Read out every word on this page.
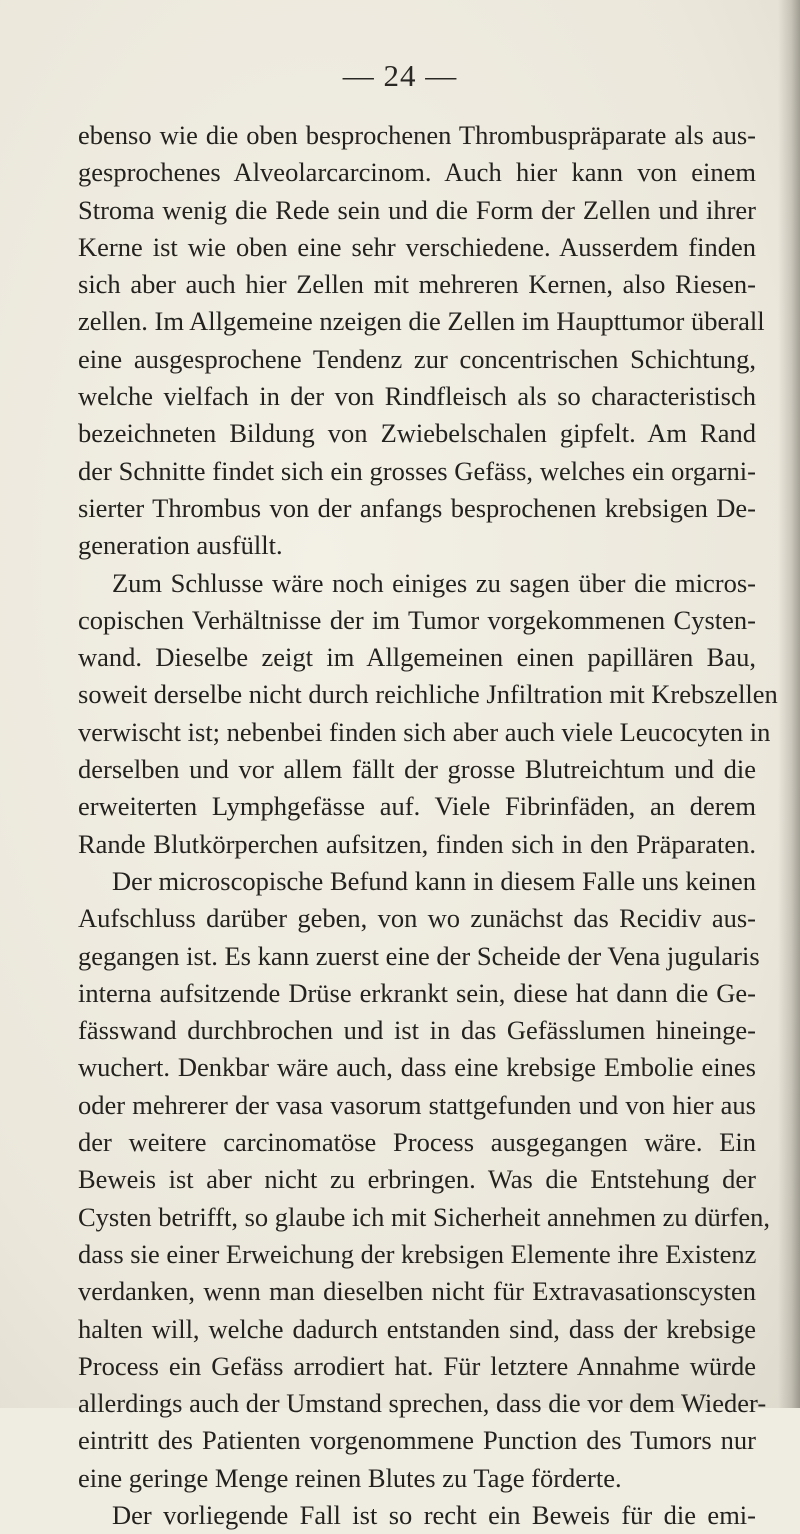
— 24 —
ebenso wie die oben besprochenen Thrombuspräparate als aus-
gesprochenes Alveolarcarcinom. Auch hier kann von einem
Stroma wenig die Rede sein und die Form der Zellen und ihrer
Kerne ist wie oben eine sehr verschiedene. Ausserdem finden
sich aber auch hier Zellen mit mehreren Kernen, also Riesen-
zellen. Im Allgemeine nzeigen die Zellen im Haupttumor überall
eine ausgesprochene Tendenz zur concentrischen Schichtung,
welche vielfach in der von Rindfleisch als so characteristisch
bezeichneten Bildung von Zwiebelschalen gipfelt. Am Rand
der Schnitte findet sich ein grosses Gefäss, welches ein orgarni-
sierter Thrombus von der anfangs besprochenen krebsigen De-
generation ausfüllt.
Zum Schlusse wäre noch einiges zu sagen über die micros-
copischen Verhältnisse der im Tumor vorgekommenen Cysten-
wand. Dieselbe zeigt im Allgemeinen einen papillären Bau,
soweit derselbe nicht durch reichliche Jnfiltration mit Krebszellen
verwischt ist; nebenbei finden sich aber auch viele Leucocyten in
derselben und vor allem fällt der grosse Blutreichtum und die
erweiterten Lymphgefässe auf. Viele Fibrinfäden, an derem
Rande Blutkörperchen aufsitzen, finden sich in den Präparaten.
Der microscopische Befund kann in diesem Falle uns keinen
Aufschluss darüber geben, von wo zunächst das Recidiv aus-
gegangen ist. Es kann zuerst eine der Scheide der Vena jugularis
interna aufsitzende Drüse erkrankt sein, diese hat dann die Ge-
fässwand durchbrochen und ist in das Gefässlumen hineinge-
wuchert. Denkbar wäre auch, dass eine krebsige Embolie eines
oder mehrerer der vasa vasorum stattgefunden und von hier aus
der weitere carcinomatöse Process ausgegangen wäre. Ein
Beweis ist aber nicht zu erbringen. Was die Entstehung der
Cysten betrifft, so glaube ich mit Sicherheit annehmen zu dürfen,
dass sie einer Erweichung der krebsigen Elemente ihre Existenz
verdanken, wenn man dieselben nicht für Extravasationscysten
halten will, welche dadurch entstanden sind, dass der krebsige
Process ein Gefäss arrodiert hat. Für letztere Annahme würde
allerdings auch der Umstand sprechen, dass die vor dem Wieder-
eintritt des Patienten vorgenommene Punction des Tumors nur
eine geringe Menge reinen Blutes zu Tage förderte.
Der vorliegende Fall ist so recht ein Beweis für die emi-
